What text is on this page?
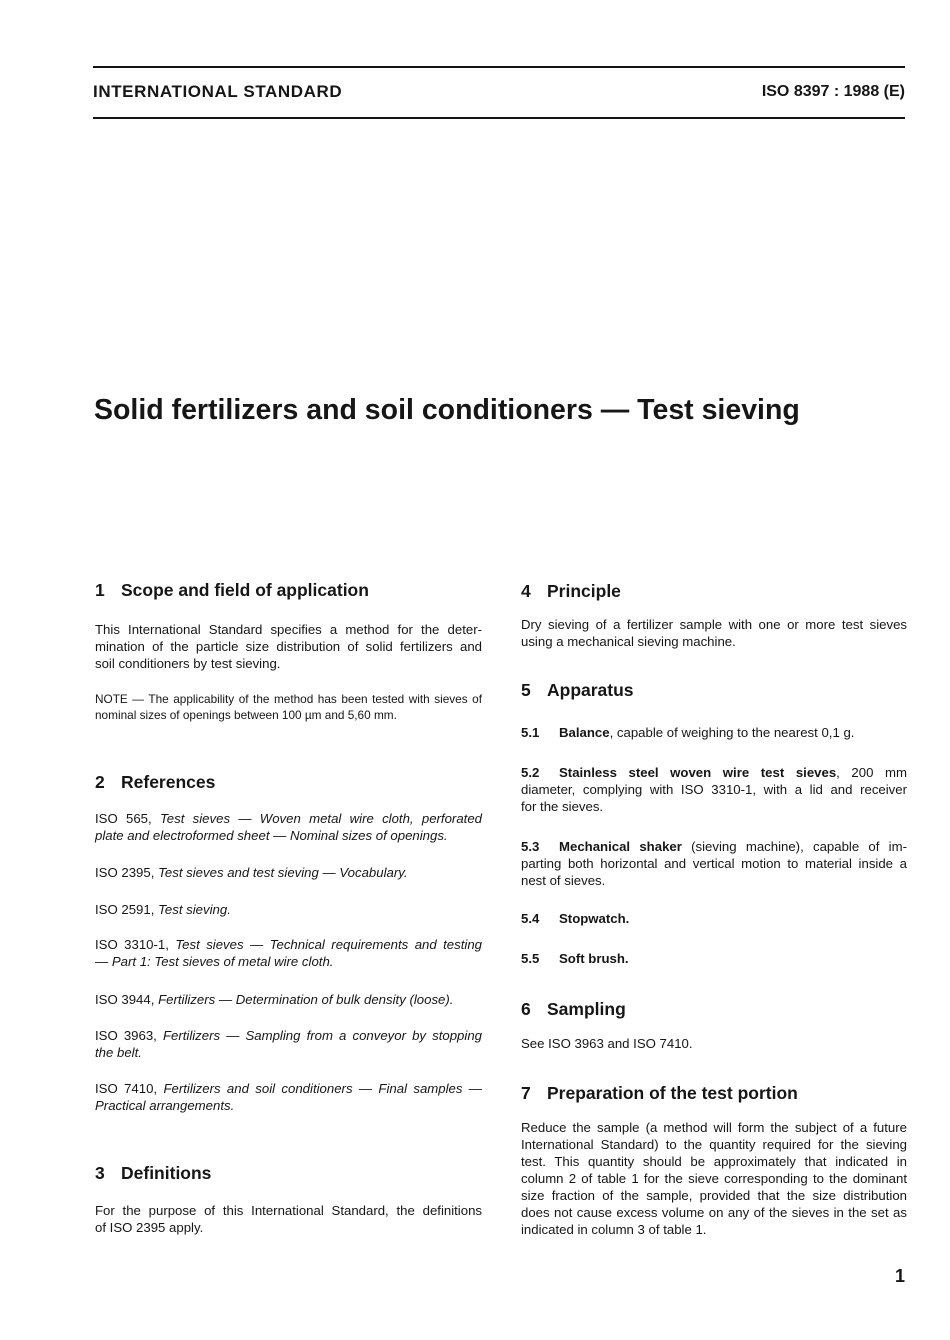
INTERNATIONAL STANDARD	ISO 8397 : 1988 (E)
Solid fertilizers and soil conditioners — Test sieving
1 Scope and field of application
This International Standard specifies a method for the deter-
mination of the particle size distribution of solid fertilizers and
soil conditioners by test sieving.
NOTE — The applicability of the method has been tested with sieves of
nominal sizes of openings between 100 µm and 5,60 mm.
2 References
ISO 565, Test sieves — Woven metal wire cloth, perforated
plate and electroformed sheet — Nominal sizes of openings.
ISO 2395, Test sieves and test sieving — Vocabulary.
ISO 2591, Test sieving.
ISO 3310-1, Test sieves — Technical requirements and testing
— Part 1: Test sieves of metal wire cloth.
ISO 3944, Fertilizers — Determination of bulk density (loose).
ISO 3963, Fertilizers — Sampling from a conveyor by stopping
the belt.
ISO 7410, Fertilizers and soil conditioners — Final samples —
Practical arrangements.
3 Definitions
For the purpose of this International Standard, the definitions
of ISO 2395 apply.
4 Principle
Dry sieving of a fertilizer sample with one or more test sieves
using a mechanical sieving machine.
5 Apparatus
5.1 Balance, capable of weighing to the nearest 0,1 g.
5.2 Stainless steel woven wire test sieves, 200 mm
diameter, complying with ISO 3310-1, with a lid and receiver
for the sieves.
5.3 Mechanical shaker (sieving machine), capable of im-
parting both horizontal and vertical motion to material inside a
nest of sieves.
5.4 Stopwatch.
5.5 Soft brush.
6 Sampling
See ISO 3963 and ISO 7410.
7 Preparation of the test portion
Reduce the sample (a method will form the subject of a future
International Standard) to the quantity required for the sieving
test. This quantity should be approximately that indicated in
column 2 of table 1 for the sieve corresponding to the dominant
size fraction of the sample, provided that the size distribution
does not cause excess volume on any of the sieves in the set as
indicated in column 3 of table 1.
1
